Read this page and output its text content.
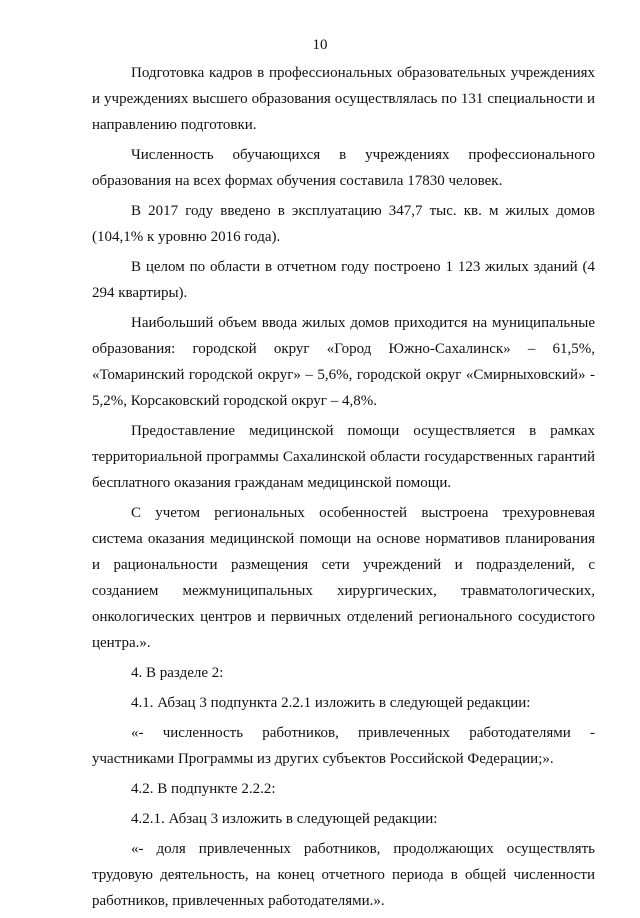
10

Подготовка кадров в профессиональных образовательных учреждениях и учреждениях высшего образования осуществлялась по 131 специальности и направлению подготовки.

Численность обучающихся в учреждениях профессионального образования на всех формах обучения составила 17830 человек.

В 2017 году введено в эксплуатацию 347,7 тыс. кв. м жилых домов (104,1% к уровню 2016 года).

В целом по области в отчетном году построено 1 123 жилых зданий (4 294 квартиры).

Наибольший объем ввода жилых домов приходится на муниципальные образования: городской округ «Город Южно-Сахалинск» – 61,5%, «Томаринский городской округ» – 5,6%, городской округ «Смирныховский» - 5,2%, Корсаковский городской округ – 4,8%.

Предоставление медицинской помощи осуществляется в рамках территориальной программы Сахалинской области государственных гарантий бесплатного оказания гражданам медицинской помощи.

С учетом региональных особенностей выстроена трехуровневая система оказания медицинской помощи на основе нормативов планирования и рациональности размещения сети учреждений и подразделений, с созданием межмуниципальных хирургических, травматологических, онкологических центров и первичных отделений регионального сосудистого центра.».

4. В разделе 2:

4.1. Абзац 3 подпункта 2.2.1 изложить в следующей редакции:

«- численность работников, привлеченных работодателями - участниками Программы из других субъектов Российской Федерации;».

4.2. В подпункте 2.2.2:

4.2.1. Абзац 3 изложить в следующей редакции:

«- доля привлеченных работников, продолжающих осуществлять трудовую деятельность, на конец отчетного периода в общей численности работников, привлеченных работодателями.».
